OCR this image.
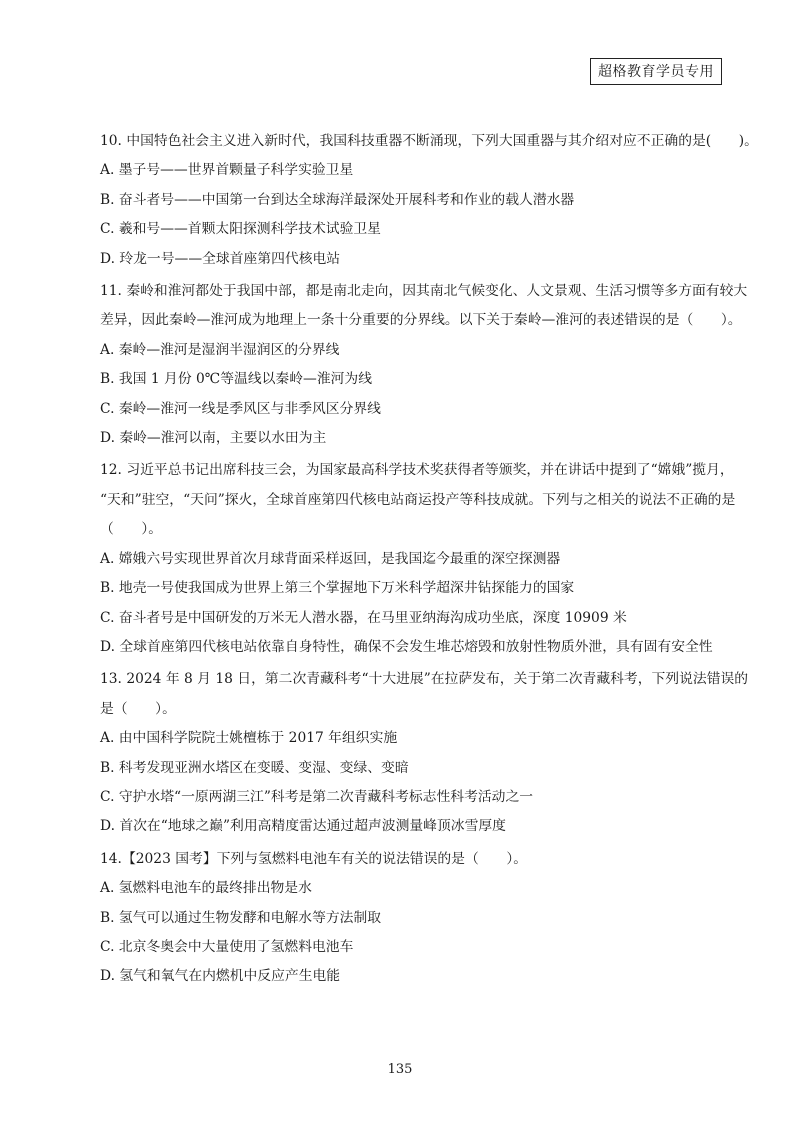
超格教育学员专用
10. 中国特色社会主义进入新时代，我国科技重器不断涌现，下列大国重器与其介绍对应不正确的是(　　)。
A. 墨子号——世界首颗量子科学实验卫星
B. 奋斗者号——中国第一台到达全球海洋最深处开展科考和作业的载人潜水器
C. 羲和号——首颗太阳探测科学技术试验卫星
D. 玲龙一号——全球首座第四代核电站
11. 秦岭和淮河都处于我国中部，都是南北走向，因其南北气候变化、人文景观、生活习惯等多方面有较大
差异，因此秦岭—淮河成为地理上一条十分重要的分界线。以下关于秦岭—淮河的表述错误的是（　　）。
A. 秦岭—淮河是湿润半湿润区的分界线
B. 我国 1 月份 0℃等温线以秦岭—淮河为线
C. 秦岭—淮河一线是季风区与非季风区分界线
D. 秦岭—淮河以南，主要以水田为主
12. 习近平总书记出席科技三会，为国家最高科学技术奖获得者等颁奖，并在讲话中提到了“嫦娥”揽月，
“天和”驻空，“天问”探火，全球首座第四代核电站商运投产等科技成就。下列与之相关的说法不正确的是
（　　）。
A. 嫦娥六号实现世界首次月球背面采样返回，是我国迄今最重的深空探测器
B. 地壳一号使我国成为世界上第三个掌握地下万米科学超深井钻探能力的国家
C. 奋斗者号是中国研发的万米无人潜水器，在马里亚纳海沟成功坐底，深度 10909 米
D. 全球首座第四代核电站依靠自身特性，确保不会发生堆芯熔毁和放射性物质外泄，具有固有安全性
13. 2024 年 8 月 18 日，第二次青藏科考“十大进展”在拉萨发布，关于第二次青藏科考，下列说法错误的
是（　　）。
A. 由中国科学院院士姚檀栋于 2017 年组织实施
B. 科考发现亚洲水塔区在变暖、变湿、变绿、变暗
C. 守护水塔“一原两湖三江”科考是第二次青藏科考标志性科考活动之一
D. 首次在“地球之巅”利用高精度雷达通过超声波测量峰顶冰雪厚度
14.【2023 国考】下列与氢燃料电池车有关的说法错误的是（　　）。
A. 氢燃料电池车的最终排出物是水
B. 氢气可以通过生物发酵和电解水等方法制取
C. 北京冬奥会中大量使用了氢燃料电池车
D. 氢气和氧气在内燃机中反应产生电能
135
